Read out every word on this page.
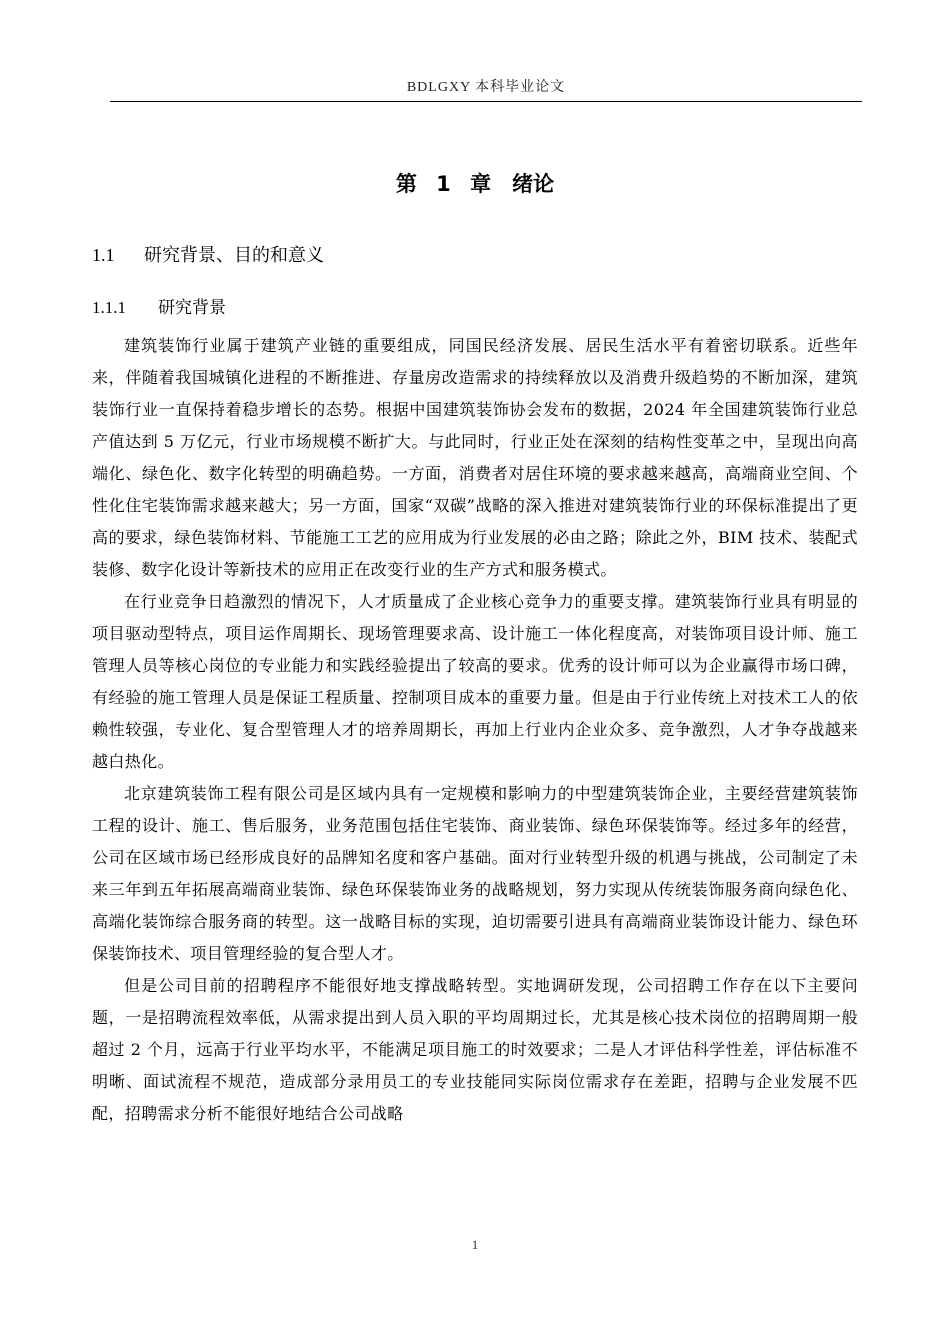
BDLGXY 本科毕业论文
第 1 章　绪论
1.1 研究背景、目的和意义
1.1.1 研究背景

建筑装饰行业属于建筑产业链的重要组成，同国民经济发展、居民生活水平有着密切联系。近些年来，伴随着我国城镇化进程的不断推进、存量房改造需求的持续释放以及消费升级趋势的不断加深，建筑装饰行业一直保持着稳步增长的态势。根据中国建筑装饰协会发布的数据，2024 年全国建筑装饰行业总产值达到 5 万亿元，行业市场规模不断扩大。与此同时，行业正处在深刻的结构性变革之中，呈现出向高端化、绿色化、数字化转型的明确趋势。一方面，消费者对居住环境的要求越来越高，高端商业空间、个性化住宅装饰需求越来越大；另一方面，国家“双碳”战略的深入推进对建筑装饰行业的环保标准提出了更高的要求，绿色装饰材料、节能施工工艺的应用成为行业发展的必由之路；除此之外，BIM 技术、装配式装修、数字化设计等新技术的应用正在改变行业的生产方式和服务模式。

在行业竞争日趋激烈的情况下，人才质量成了企业核心竞争力的重要支撑。建筑装饰行业具有明显的项目驱动型特点，项目运作周期长、现场管理要求高、设计施工一体化程度高，对装饰项目设计师、施工管理人员等核心岗位的专业能力和实践经验提出了较高的要求。优秀的设计师可以为企业赢得市场口碑，有经验的施工管理人员是保证工程质量、控制项目成本的重要力量。但是由于行业传统上对技术工人的依赖性较强，专业化、复合型管理人才的培养周期长，再加上行业内企业众多、竞争激烈，人才争夺战越来越白热化。

北京建筑装饰工程有限公司是区域内具有一定规模和影响力的中型建筑装饰企业，主要经营建筑装饰工程的设计、施工、售后服务，业务范围包括住宅装饰、商业装饰、绿色环保装饰等。经过多年的经营，公司在区域市场已经形成良好的品牌知名度和客户基础。面对行业转型升级的机遇与挑战，公司制定了未来三年到五年拓展高端商业装饰、绿色环保装饰业务的战略规划，努力实现从传统装饰服务商向绿色化、高端化装饰综合服务商的转型。这一战略目标的实现，迫切需要引进具有高端商业装饰设计能力、绿色环保装饰技术、项目管理经验的复合型人才。

但是公司目前的招聘程序不能很好地支撑战略转型。实地调研发现，公司招聘工作存在以下主要问题，一是招聘流程效率低，从需求提出到人员入职的平均周期过长，尤其是核心技术岗位的招聘周期一般超过 2 个月，远高于行业平均水平，不能满足项目施工的时效要求；二是人才评估科学性差，评估标准不明晰、面试流程不规范，造成部分录用员工的专业技能同实际岗位需求存在差距，招聘与企业发展不匹配，招聘需求分析不能很好地结合公司战略

1
